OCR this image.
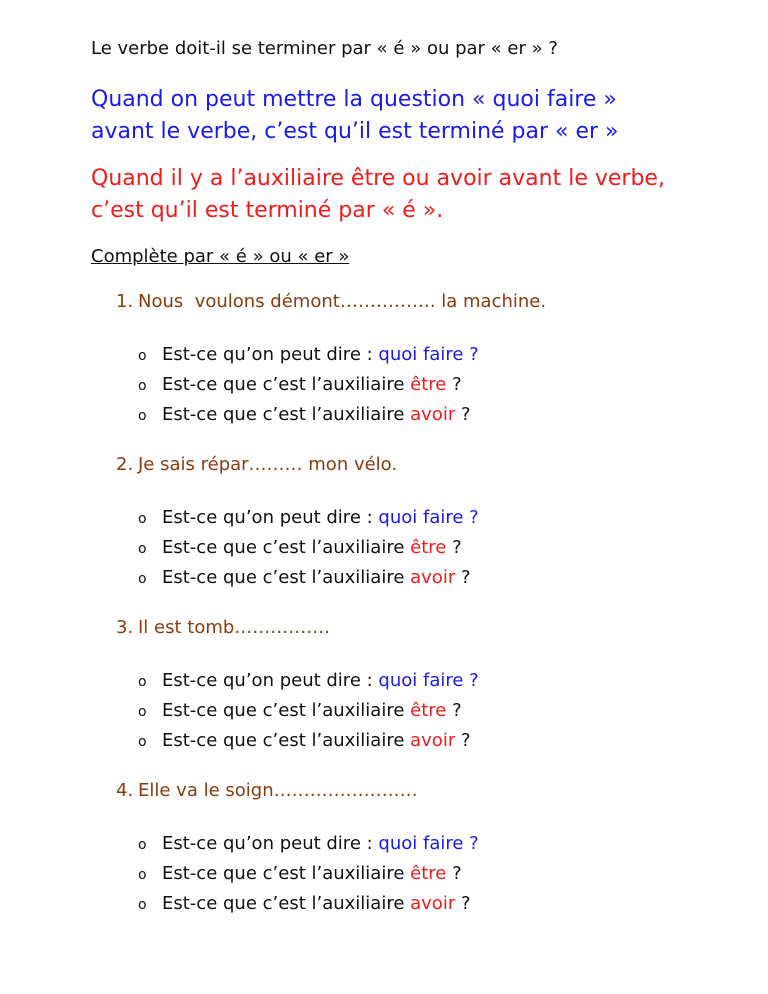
Le verbe doit-il se terminer par « é » ou par « er » ?
Quand on peut mettre la question « quoi faire »
avant le verbe, c’est qu’il est terminé par « er »
Quand il y a l’auxiliaire être ou avoir avant le verbe,
c’est qu’il est terminé par « é ».
Complète par « é » ou « er »
1. Nous  voulons démont……………. la machine.
o Est-ce qu’on peut dire : quoi faire ?
o Est-ce que c’est l’auxiliaire être ?
o Est-ce que c’est l’auxiliaire avoir ?
2. Je sais répar……… mon vélo.
o Est-ce qu’on peut dire : quoi faire ?
o Est-ce que c’est l’auxiliaire être ?
o Est-ce que c’est l’auxiliaire avoir ?
3. Il est tomb…………….
o Est-ce qu’on peut dire : quoi faire ?
o Est-ce que c’est l’auxiliaire être ?
o Est-ce que c’est l’auxiliaire avoir ?
4. Elle va le soign……………………
o Est-ce qu’on peut dire : quoi faire ?
o Est-ce que c’est l’auxiliaire être ?
o Est-ce que c’est l’auxiliaire avoir ?
